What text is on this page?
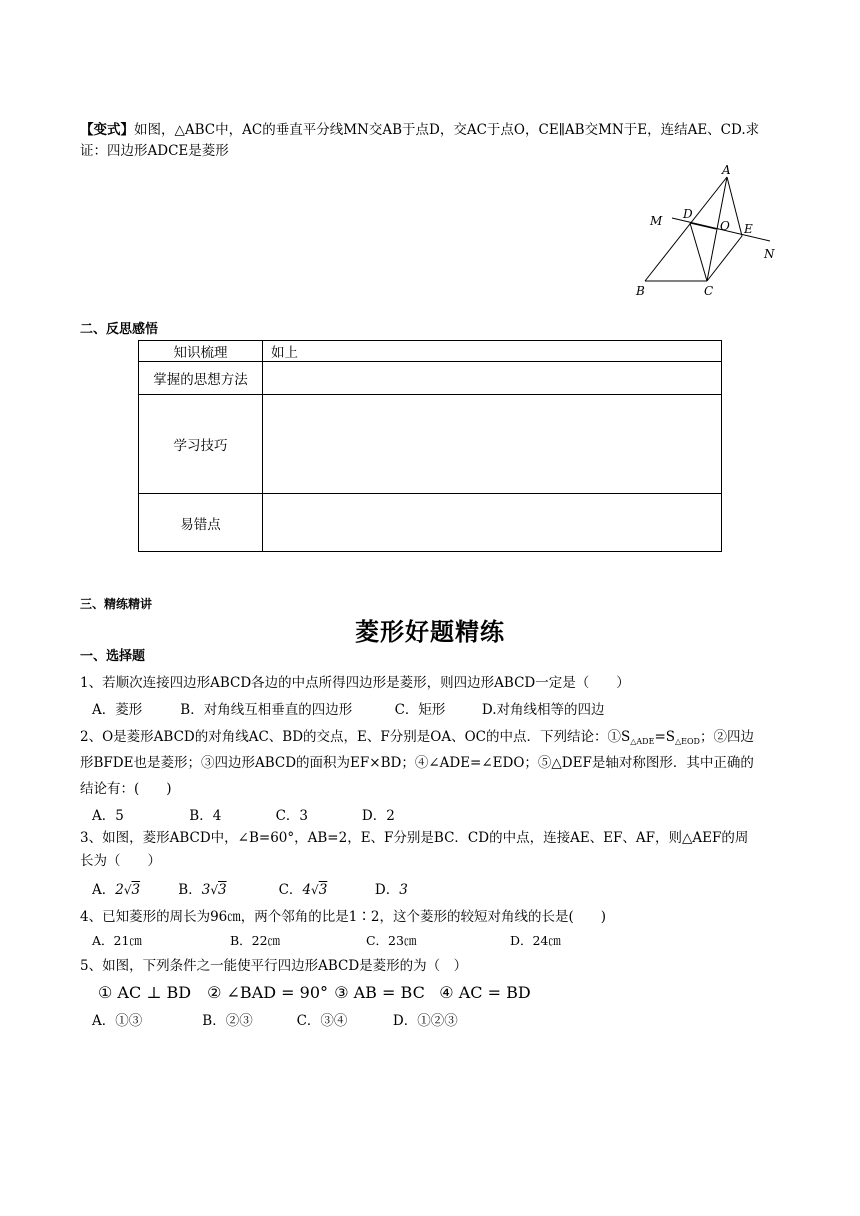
【变式】如图，△ABC中，AC的垂直平分线MN交AB于点D，交AC于点O，CE∥AB交MN于E，连结AE、CD.求
证：四边形ADCE是菱形
A
M D
O E
N
B	C
二、反思感悟
知识梳理	如上
掌握的思想方法	
学习技巧	
易错点	
三、精练精讲
菱形好题精练
一、选择题
1、若顺次连接四边形ABCD各边的中点所得四边形是菱形，则四边形ABCD一定是（　　）
A．菱形	B．对角线互相垂直的四边形	C．矩形	D.对角线相等的四边
2、O是菱形ABCD的对角线AC、BD的交点，E、F分别是OA、OC的中点．下列结论：$①S_{\triangle ADE}=S_{\triangle EOD}$；②四边
形BFDE也是菱形；③四边形ABCD的面积为EF×BD；④∠ADE=∠EDO；⑤△DEF是轴对称图形．其中正确的
结论有：(　　)
A．5	B．4	C．3	D．2
3、如图，菱形ABCD中，∠B=60°，AB=2，E、F分别是BC．CD的中点，连接AE、EF、AF，则△AEF的周
长为（　　）
A．2√3	B．3√3	C．4√3	D．3
4、已知菱形的周长为96㎝，两个邻角的比是1∶2，这个菱形的较短对角线的长是(　　)
A．21㎝	B．22㎝	C．23㎝	D．24㎝
5、如图，下列条件之一能使平行四边形ABCD是菱形的为（　）
① AC ⊥ BD ② ∠BAD = 90° ③ AB = BC ④ AC = BD
A．①③	B．②③	C．③④	D．①②③
